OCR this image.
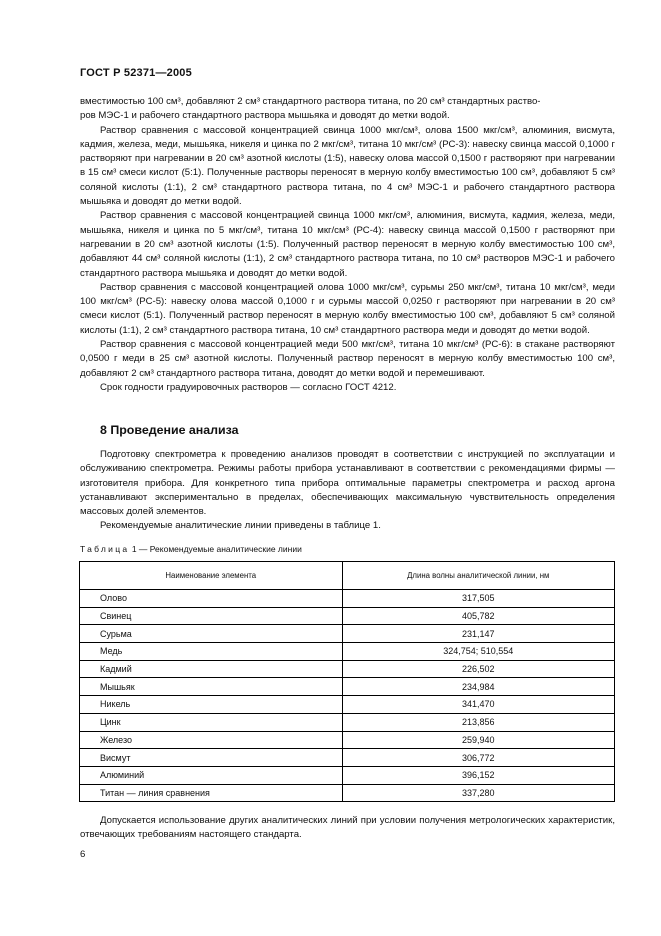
ГОСТ Р 52371—2005

вместимостью 100 см³, добавляют 2 см³ стандартного раствора титана, по 20 см³ стандартных раство-
ров МЭС-1 и рабочего стандартного раствора мышьяка и доводят до метки водой.

Раствор сравнения с массовой концентрацией свинца 1000 мкг/см³, олова 1500 мкг/см³, алюминия, висмута, кадмия, железа, меди, мышьяка, никеля и цинка по 2 мкг/см³, титана 10 мкг/см³ (РС-3): навеску свинца массой 0,1000 г растворяют при нагревании в 20 см³ азотной кислоты (1:5), навеску олова массой 0,1500 г растворяют при нагревании в 15 см³ смеси кислот (5:1). Полученные растворы переносят в мерную колбу вместимостью 100 см³, добавляют 5 см³ соляной кислоты (1:1), 2 см³ стандартного раствора титана, по 4 см³ МЭС-1 и рабочего стандартного раствора мышьяка и доводят до метки водой.

Раствор сравнения с массовой концентрацией свинца 1000 мкг/см³, алюминия, висмута, кадмия, железа, меди, мышьяка, никеля и цинка по 5 мкг/см³, титана 10 мкг/см³ (РС-4): навеску свинца массой 0,1500 г растворяют при нагревании в 20 см³ азотной кислоты (1:5). Полученный раствор переносят в мерную колбу вместимостью 100 см³, добавляют 44 см³ соляной кислоты (1:1), 2 см³ стандартного раствора титана, по 10 см³ растворов МЭС-1 и рабочего стандартного раствора мышьяка и доводят до метки водой.

Раствор сравнения с массовой концентрацией олова 1000 мкг/см³, сурьмы 250 мкг/см³, титана 10 мкг/см³, меди 100 мкг/см³ (РС-5): навеску олова массой 0,1000 г и сурьмы массой 0,0250 г растворяют при нагревании в 20 см³ смеси кислот (5:1). Полученный раствор переносят в мерную колбу вместимостью 100 см³, добавляют 5 см³ соляной кислоты (1:1), 2 см³ стандартного раствора титана, 10 см³ стандартного раствора меди и доводят до метки водой.

Раствор сравнения с массовой концентрацией меди 500 мкг/см³, титана 10 мкг/см³ (РС-6): в стакане растворяют 0,0500 г меди в 25 см³ азотной кислоты. Полученный раствор переносят в мерную колбу вместимостью 100 см³, добавляют 2 см³ стандартного раствора титана, доводят до метки водой и перемешивают.

Срок годности градуировочных растворов — согласно ГОСТ 4212.

8 Проведение анализа

Подготовку спектрометра к проведению анализов проводят в соответствии с инструкцией по эксплуатации и обслуживанию спектрометра. Режимы работы прибора устанавливают в соответствии с рекомендациями фирмы — изготовителя прибора. Для конкретного типа прибора оптимальные параметры спектрометра и расход аргона устанавливают экспериментально в пределах, обеспечивающих максимальную чувствительность определения массовых долей элементов.

Рекомендуемые аналитические линии приведены в таблице 1.

Таблица 1 — Рекомендуемые аналитические линии
Наименование элемента	Длина волны аналитической линии, нм
Олово	317,505
Свинец	405,782
Сурьма	231,147
Медь	324,754; 510,554
Кадмий	226,502
Мышьяк	234,984
Никель	341,470
Цинк	213,856
Железо	259,940
Висмут	306,772
Алюминий	396,152
Титан — линия сравнения	337,280

Допускается использование других аналитических линий при условии получения метрологических характеристик, отвечающих требованиям настоящего стандарта.

6
